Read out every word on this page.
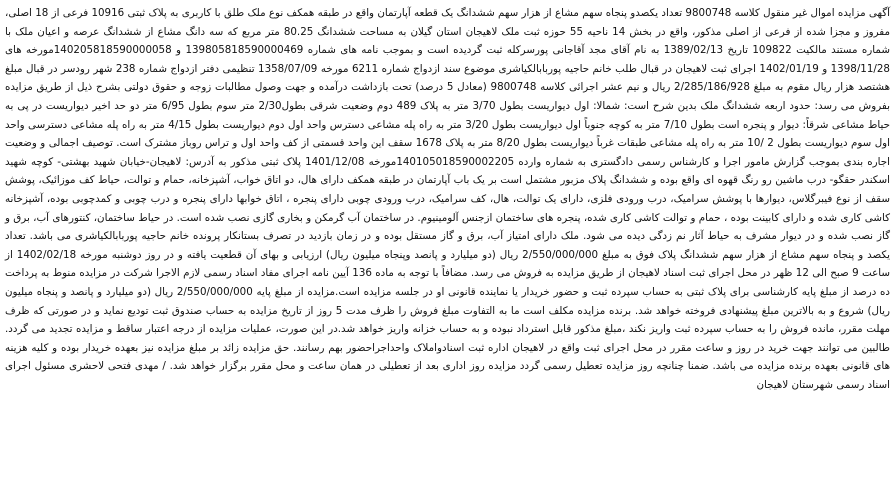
آگهی مزایده اموال غیر منقول کلاسه 9800748 تعداد یکصدو پنجاه سهم مشاع از هزار سهم ششدانگ یک قطعه آپارتمان واقع در طبقه همکف نوع ملک طلق با کاربری به پلاک ثبتی 10916 فرعی از 18 اصلی، مفروز و مجزا شده از فرعی از اصلی مذکور، واقع در بخش 14 ناحیه 55 حوزه ثبت ملک لاهیجان استان گیلان به مساحت ششدانگ 80.25 متر مربع که سه دانگ مشاع از ششدانگ عرصه و اعیان ملک با شماره مستند مالکیت 109822 تاریخ 1389/02/13 به نام آقای مجد آقاجانی پورسرکله ثبت گردیده است و بموجب نامه های شماره 139805818590000469 و 140205818590000058مورخه های 1398/11/28 و 1402/01/19 اجرای ثبت لاهیجان در قبال طلب خانم حاجیه پوربابالکیاشری موضوع سند ازدواج شماره 6211 مورخه 1358/07/09 تنظیمی دفتر ازدواج شماره 238 شهر رودسر در قبال مبلغ هشتصد هزار ریال مقوم به مبلغ 2/285/186/928 ریال و نیم عشر اجرائی کلاسه 9800748 (معادل 5 درصد) تحت بازداشت درآمده و جهت وصول مطالبات زوجه و حقوق دولتی بشرح ذیل از طریق مزایده بفروش می رسد: حدود اربعه ششدانگ ملک بدین شرح است: شمالا: اول دیواریست بطول 3/70 متر به پلاک 489 دوم وضعیت شرقی بطول2/30 متر سوم بطول 6/95 متر دو حد اخیر دیواریست در پی به حیاط مشاعی شرقاً: دیوار و پنجره است بطول 7/10 متر به کوچه جنوباً اول دیواریست بطول 3/20 متر به راه پله مشاعی دسترس واحد اول دوم دیواریست بطول 4/15 متر به راه پله مشاعی دسترسی واحد اول سوم دیواریست بطول 2 /10 متر به راه پله مشاعی طبقات غرباً دیواریست بطول 8/20 متر به پلاک 1678 سقف این واحد قسمتی از کف واحد اول و تراس روباز مشترک است. توصیف اجمالی و وضعیت اجاره بندی بموجب گزارش مامور اجرا و کارشناس رسمی دادگستری به شماره وارده 14010501859000220​5مورخه 1401/12/08 پلاک ثبتی مذکور به آدرس: لاهیجان-خیابان شهید بهشتی- کوچه شهید اسکندر حقگو- درب ماشین رو رنگ قهوه ای واقع بوده و ششدانگ پلاک مزبور مشتمل است بر یک باب آپارتمان در طبقه همکف دارای هال، دو اتاق خواب، آشپزخانه، حمام و توالت، حیاط کف موزائیک، پوشش سقف از نوع فیبرگلاس، دیوارها با پوشش سرامیک، درب ورودی فلزی، دارای یک توالت، هال، کف سرامیک، درب ورودی چوبی دارای پنجره ، اتاق خوابها دارای پنجره و درب چوبی و کمدچوبی بوده، آشپزخانه کاشی کاری شده و دارای کابینت بوده ، حمام و توالت کاشی کاری شده، پنجره های ساختمان ازجنس آلومینیوم. در ساختمان آب گرمکن و بخاری گازی نصب شده است. در حیاط ساختمان، کنتورهای آب، برق و گاز نصب شده و در دیوار مشرف به حیاط آثار نم زدگی دیده می شود. ملک دارای امتیاز آب، برق و گاز مستقل بوده و در زمان بازدید در تصرف بستانکار پرونده خانم حاجیه پوربابالکیاشری می باشد. تعداد یکصد و پنجاه سهم مشاع از هزار سهم ششدانگ پلاک فوق به مبلغ 2/550/000/000 ریال (دو میلیارد و پانصد وپنجاه میلیون ریال) ارزیابی و بهای آن قطعیت یافته و در روز دوشنبه مورخه 1402/02/18 از ساعت 9 صبح الی 12 ظهر در محل اجرای ثبت اسناد لاهیجان از طریق مزایده به فروش می رسد. مضافاً با توجه به ماده 136 آیین نامه اجرای مفاد اسناد رسمی لازم الاجرا شرکت در مزایده منوط به پرداخت ده درصد از مبلغ پایه کارشناسی برای پلاک ثبتی به حساب سپرده ثبت و حضور خریدار یا نماینده قانونی او در جلسه مزایده است.مزایده از مبلغ پایه 2/550/000/000 ریال (دو میلیارد و پانصد و پنجاه میلیون ریال) شروع و به بالاترین مبلغ پیشنهادی فروخته خواهد شد. برنده مزایده مکلف است ما به التفاوت مبلغ فروش را ظرف مدت 5 روز از تاریخ مزایده به حساب صندوق ثبت تودیع نماید و در صورتی که ظرف مهلت مقرر، مانده فروش را به حساب سپرده ثبت واریز نکند ،مبلغ مذکور قابل استرداد نبوده و به حساب خزانه واریز خواهد شد.در این صورت، عملیات مزایده از درجه اعتبار ساقط و مزایده تجدید می گردد. طالبین می توانند جهت خرید در روز و ساعت مقرر در محل اجرای ثبت واقع در لاهیجان اداره ثبت اسنادواملاک واحداجراحضور بهم رسانند. حق مزایده زائد بر مبلغ مزایده نیز بعهده خریدار بوده و کلیه هزینه های قانونی بعهده برنده مزایده می باشد. ضمنا چنانچه روز مزایده تعطیل رسمی گردد مزایده روز اداری بعد از تعطیلی در همان ساعت و محل مقرر برگزار خواهد شد. / مهدی فتحی لاحشری مسئول اجرای اسناد رسمی شهرستان لاهیجان
